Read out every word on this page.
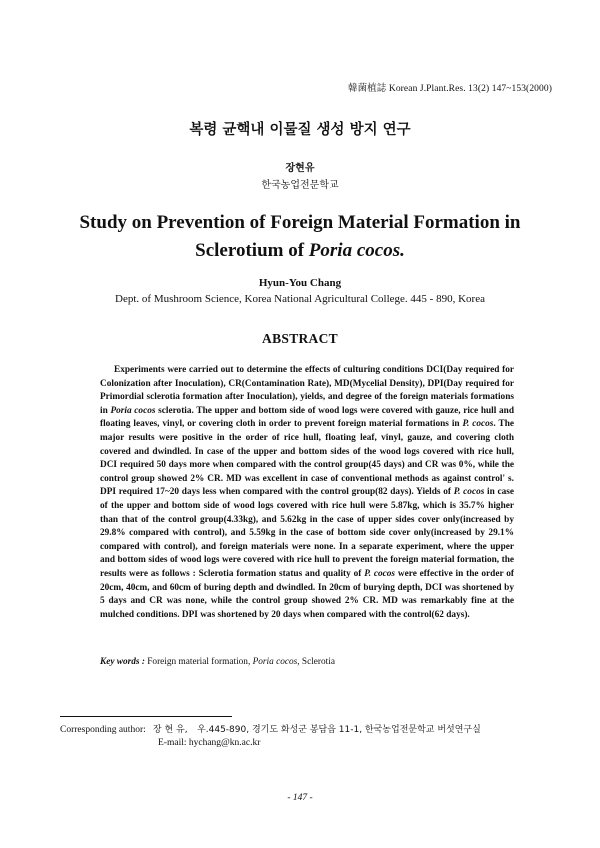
韓菌植誌 Korean J.Plant.Res. 13(2) 147~153(2000)
복령 균핵내 이물질 생성 방지 연구
장현유
한국농업전문학교
Study on Prevention of Foreign Material Formation in
Sclerotium of Poria cocos.
Hyun-You Chang
Dept. of Mushroom Science, Korea National Agricultural College. 445 - 890, Korea
ABSTRACT
Experiments were carried out to determine the effects of culturing conditions DCI(Day required for Colonization after Inoculation), CR(Contamination Rate), MD(Mycelial Density), DPI(Day required for Primordial sclerotia formation after Inoculation), yields, and degree of the foreign materials formations in Poria cocos sclerotia. The upper and bottom side of wood logs were covered with gauze, rice hull and floating leaves, vinyl, or covering cloth in order to prevent foreign material formations in P. cocos. The major results were positive in the order of rice hull, floating leaf, vinyl, gauze, and covering cloth covered and dwindled. In case of the upper and bottom sides of the wood logs covered with rice hull, DCI required 50 days more when compared with the control group(45 days) and CR was 0%, while the control group showed 2% CR. MD was excellent in case of conventional methods as against control' s. DPI required 17~20 days less when compared with the control group(82 days). Yields of P. cocos in case of the upper and bottom side of wood logs covered with rice hull were 5.87kg, which is 35.7% higher than that of the control group(4.33kg), and 5.62kg in the case of upper sides cover only(increased by 29.8% compared with control), and 5.59kg in the case of bottom side cover only(increased by 29.1% compared with control), and foreign materials were none. In a separate experiment, where the upper and bottom sides of wood logs were covered with rice hull to prevent the foreign material formation, the results were as follows : Sclerotia formation status and quality of P. cocos were effective in the order of 20cm, 40cm, and 60cm of buring depth and dwindled. In 20cm of burying depth, DCI was shortened by 5 days and CR was none, while the control group showed 2% CR. MD was remarkably fine at the mulched conditions. DPI was shortened by 20 days when compared with the control(62 days).
Key words : Foreign material formation, Poria cocos, Sclerotia
Corresponding author: 장 현 유, 우.445-890, 경기도 화성군 봉담읍 11-1, 한국농업전문학교 버섯연구실
E-mail: hychang@kn.ac.kr
- 147 -
